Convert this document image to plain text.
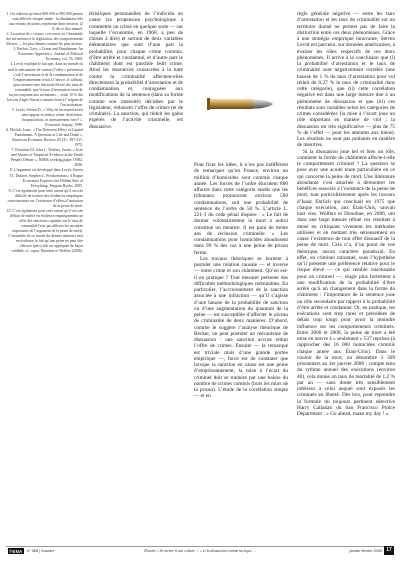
1. On relèvera qu’entre 800 000 et 900 000 permis sont délivrés chaque année : la diminution tôle aux retraits de points représente donc environ 12 % de ce flux annuel.

2. La notion de « crimes » recouvre ici l’ensemble des infractions à la législation, des comportements illicites — les plus bénins comme les plus sérieux.

3. Becker, Gary, « Crime and Punishment: An Economic Approach », Journal of Political Economy, vol. 76, 1968.

4. Levitt explique le fait que, dans un monde où seul le mécanisme de crainte (l’effet « prévention ») de l’arrestation et de la condamnation et de l’emprisonnement serait à l’œuvre, il suffirait, pour montrer une élasticité élevée des taux de criminalité, que le taux d’arrestation varie de façon conjointe aux incitations… seuls 10 % des lois (en Anglo-Saxon) commis étant à l’origine de l’incarcération.

5. Levitt, Steven D., « Why do increased arrest rates appear to reduce crime: deterrence, incapacitation, or measurement error? », Economic Inquiry, 1998.

6. Ehrlich, Isaac, « The Deterrent Effect of Capital Punishment: A Question of Life and Death », American Economic Review, 65 (3) : 397-417, 1975.

7. Donohue III, John J., Wolfers, Justin, « Uses and Abuses of Empirical Evidence in the Death Penalty Debate », NBER working paper 11982, 2006.

8. L’argument est développé dans Levitt, Steven D., Dubner, Stephen J., Freakonomics: A Rogue Economist Explores the Hidden Side of Everything, Penguin Books, 2005.

9. C’est également pour cette raison qu’il est très difficile de trouver des évidences empiriques convaincantes sur l’existence d’effets d’incitation de la peine de mort.

10. C’est également pour cette raison qu’il est très délicat de mettre en évidence empiriquement un effet des sanctions capitales sur le taux de criminalité (voir par ailleurs les encadrés importants de l’argument de la peine de mort). L’ensemble de ce travail du dernier trimestre met en évidence le fait qu’une peine ne peut être efficace que si elle est appliquée de façon crédible, cf. supra, Donohue et Wolfers (2006).

téristiques personnelles de l’individu en cause (sa propension psychologique à commettre un crime en quelque sorte — sur laquelle l’économie, en 1968, a peu de choses à dire) et surtout de deux variables élémentaires que sont d’une part la probabilité, pour chaque crime commis, d’être arrêté et condamné, et d’autre part le châtiment dont est passible ledit crime. Ainsi les ressources consacrées à la lutte contre la criminalité affectent-elles directement la probabilité d’arrestation et de condamnation et, conjuguées aux modifications de la sentence (dans sa forme comme son intensité) décidées par le législateur, réduisent l’offre de crimes (et de criminels). La sanction, qui réduit les gains espérés de l’activité criminelle, est dissuasive.

Pour fixer les idées, il n’est pas indifférent de remarquer qu’en France, environ un million d’homicides sont commis chaque année. Les forces de l’ordre élucident 800 affaires dans cette catégorie tandis que les tribunaux prononcent environ 500 condamnations, soit une probabilité de sentence de l’ordre de 50 %. L’article L. 221-1 du code pénal dispose : « Le fait de donner volontairement la mort à autrui constitue un meurtre. Il est puni de trente ans de réclusion criminelle. » Les condamnations pour homicides aboutissent dans 99 % des cas à une peine de prison ferme.

Les travaux théoriques se bornent à postuler une relation causale — et inverse — entre crime et son châtiment. Qu’en est-il en pratique ? Tout mesurer présente des difficultés méthodologiques redoutables. En particulier, l’accroissement de la sanction associée à une infraction — qu’il s’agisse d’une hausse de la probabilité de sanction ou d’une augmentation du quantum de la peine — est susceptible d’affecter le niveau de criminalité de deux manières. D’abord, comme le suggère l’analyse théorique de Becker, on peut postuler un mécanisme de dissuasion : une sanction accrue réduit l’offre de crimes. Ensuite — la remarque est triviale mais d’une grande portée empirique —, force est de constater que lorsque la sanction en cause est une peine d’emprisonnement, la mise à l’écart du criminel doit se traduire par une baisse du nombre de crimes commis (hors les murs de la prison). L’étude de la corrélation simple — et en

règle générale négative — entre les taux d’arrestation et les taux de criminalité sur un territoire donné ne permet pas de faire la distinction entre ces deux phénomènes. Grâce à une stratégie empirique innovante, Steven Levitt est parvenu, sur données américaines, à évaluer les rôles respectifs de ces deux phénomènes. Il arrive à la conclusion que (i) la probabilité d’arrestation et le taux de criminalité sont négativement corrélés (une hausse de 1 % du taux d’arrestation pour vol réduit de 0,27 % le taux de criminalité dans cette catégorie), que (ii) cette corrélation négative est dans une large mesure due à un phénomène de dissuasion et que (iii) ces résultats sont variables selon les catégories de crimes considérées (la mise à l’écart joue un rôle important en matière de viol ; la dissuasion est très significative — plus de 75 % de l’effet — pour les atteintes aux biens). Les résultats ne sont pas probants en matière de meurtres.

Si la dissuasion joue bel et bien un rôle, comment la forme du châtiment affecte-t-elle le comportement criminel ? La question se pose avec une acuité toute particulière en ce qui concerne la peine de mort. Une littérature abondante s’est attachée à démontrer les bénéfices associés à l’existence de la peine de mort, tout particulièrement après les travaux d’Isaac Ehrlich qui concluait en 1975 que chaque exécution, aux États-Unis, sauvait huit vies. Wolfers et Donohue, en 2006, ont dans une large mesure réfuté ces résultats à mené en critiquant vivement les méthodes utilisées et en mettant très sérieusement en cause l’existence de tout effet dissuasif de la peine de mort. Cela n’a, d’un point de vue théorique, aucun caractère paradoxal. En effet, un criminel rationnel, sous l’hypothèse qu’il présente une préférence relative pour le risque élevé — ce qui semble raisonnable pour un criminel —, réagit plus fortement à une modification de la probabilité d’être arrêté qu’à un changement dans la forme du châtiment : l’importance de la sentence joue un rôle secondaire par rapport à la probabilité d’être arrêté et condamné. Or, en pratique, les exécutions sont trop rares et précédées de délais trop longs pour avoir la moindre influence sur les comportements criminels. Entre 2000 et 2008, la peine de mort a été mise en œuvre à « seulement » 537 reprises (à rapprocher des 16 000 homicides commis chaque année aux États-Unis). Dans le couloir de la mort, on dénombre 3 309 prisonniers au 1er janvier 2008 ; compte tenu du rythme annuel des exécutions (environ 40), cela donne un taux de mortalité de 1,2 % par an — sans doute très sensiblement inférieur à celui auquel sont exposés les criminels en liberté. Dès lors, pour reprendre la formule du toujours pertinent détective Harry Callahan du San Francisco Police Department : « Go ahead, make my day ! »

l’ENA	n° 388 | Dossier	Dossier « Se mettre à une culture … » et la dissuasion comme tactique …	janvier-février 2009 17
